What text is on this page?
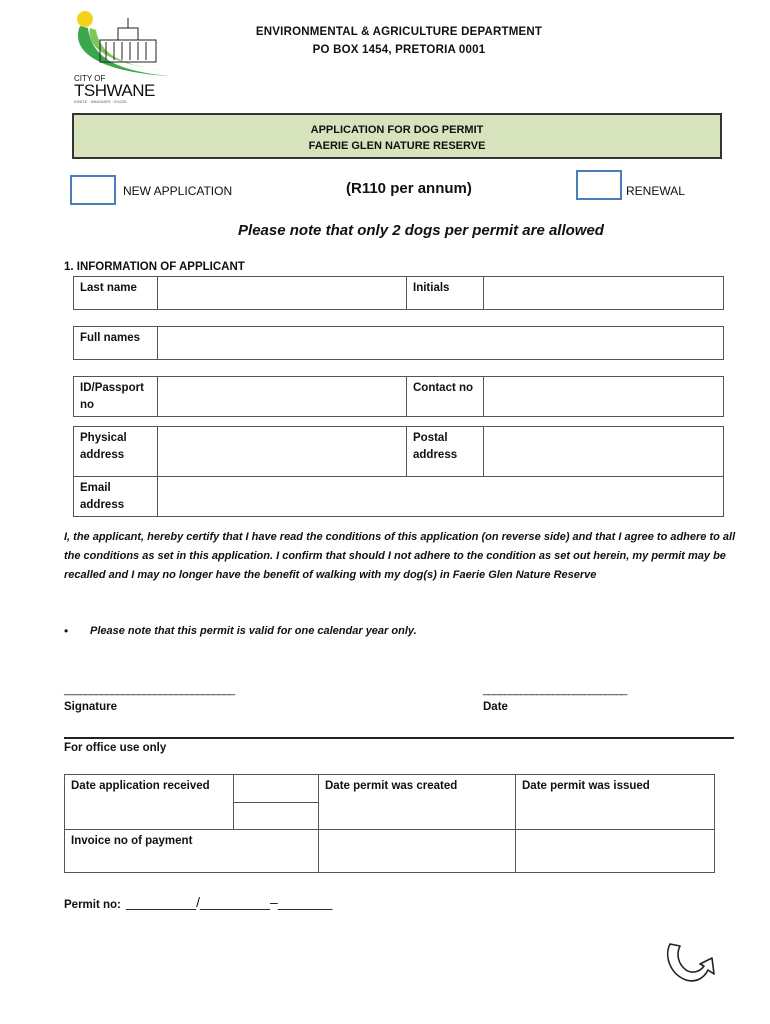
CITY OF
TSHWANE
IGNITE · INNOVATE · EXCEL
ENVIRONMENTAL & AGRICULTURE DEPARTMENT
PO BOX 1454, PRETORIA 0001
APPLICATION FOR DOG PERMIT
FAERIE GLEN NATURE RESERVE
NEW APPLICATION	(R110 per annum)	RENEWAL
Please note that only 2 dogs per permit are allowed
1. INFORMATION OF APPLICANT
Last name		Initials	
Full names	
ID/Passport no		Contact no	
Physical address		Postal address	
Email address			
I, the applicant, hereby certify that I have read the conditions of this application (on reverse side) and that I agree to adhere to all the conditions as set in this application. I confirm that should I not adhere to the condition as set out herein, my permit may be recalled and I may no longer have the benefit of walking with my dog(s) in Faerie Glen Nature Reserve
• Please note that this permit is valid for one calendar year only.
________________________________
Signature
___________________________
Date
For office use only
Date application received		Date permit was created	Date permit was issued

Invoice no of payment			
Permit no: _________/_________–_______
